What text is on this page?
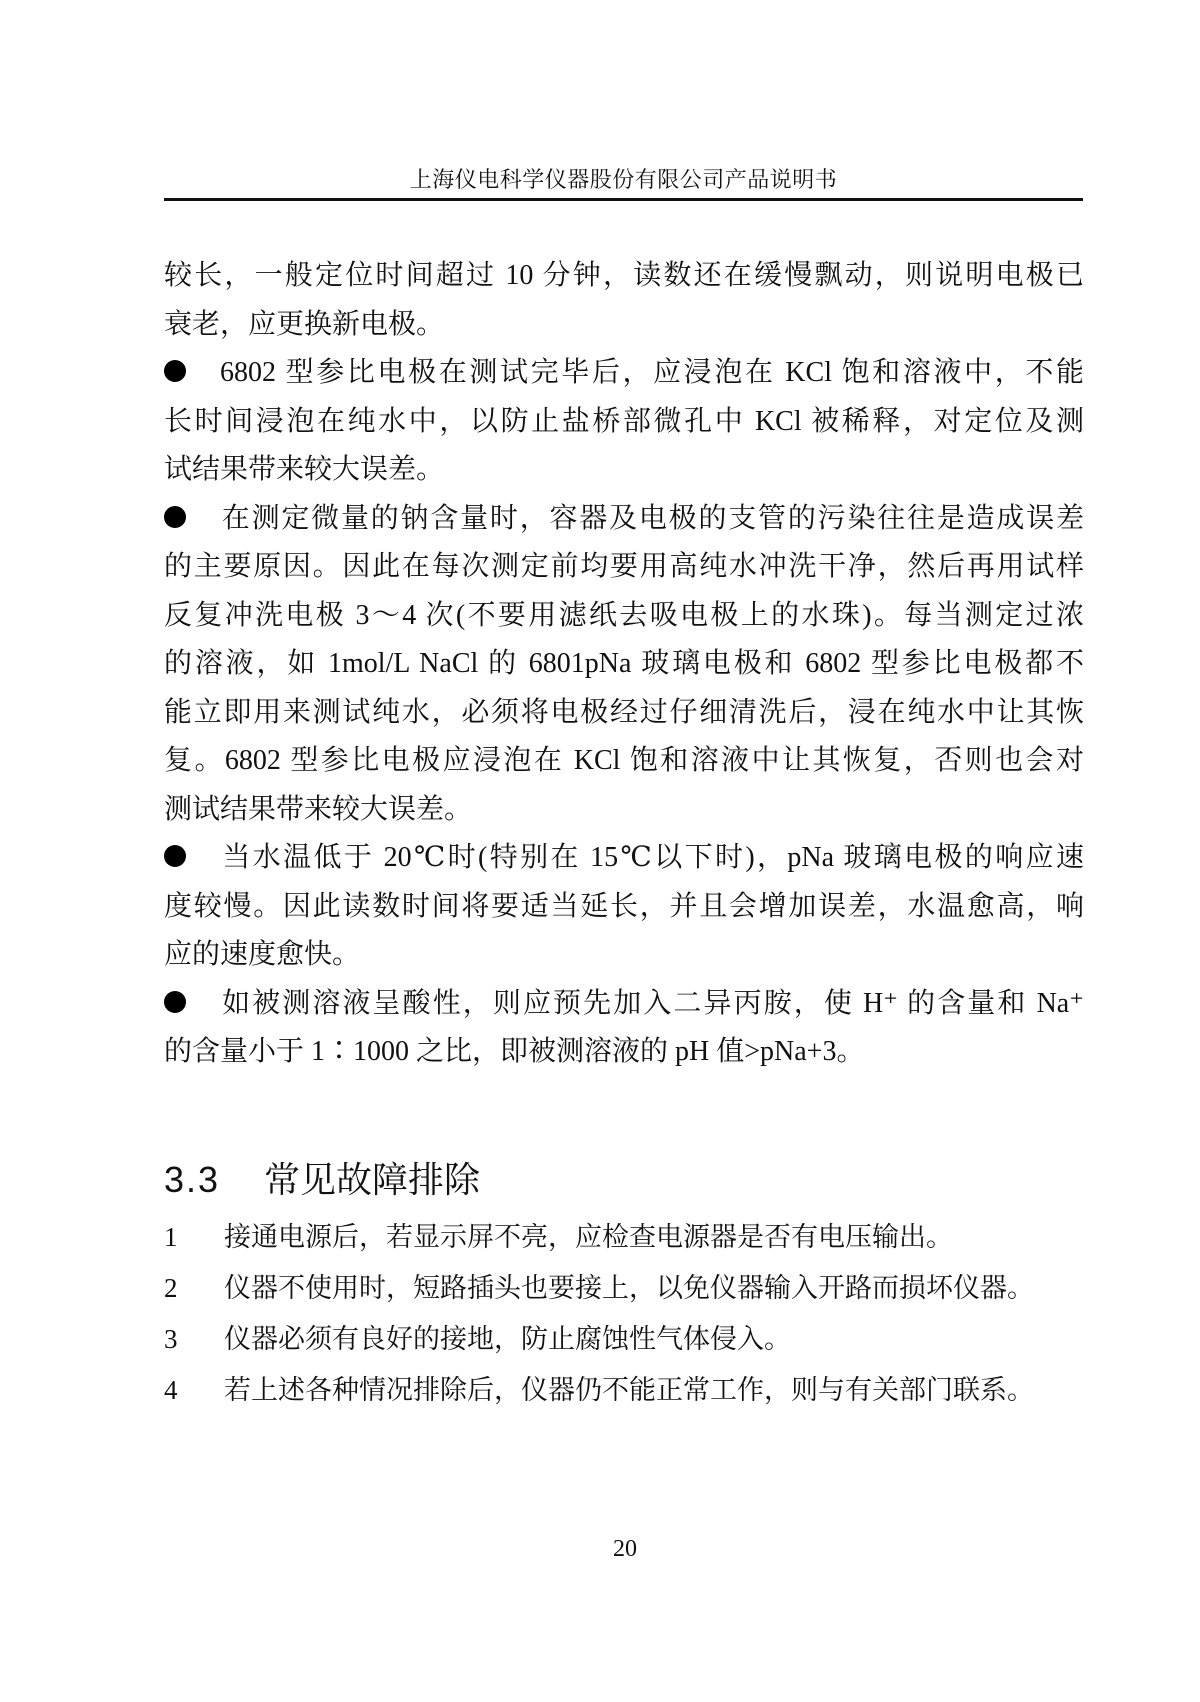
上海仪电科学仪器股份有限公司产品说明书
较长，一般定位时间超过 10 分钟，读数还在缓慢飘动，则说明电极已
衰老，应更换新电极。
6802 型参比电极在测试完毕后，应浸泡在 KCl 饱和溶液中，不能
长时间浸泡在纯水中，以防止盐桥部微孔中 KCl 被稀释，对定位及测
试结果带来较大误差。
在测定微量的钠含量时，容器及电极的支管的污染往往是造成误差
的主要原因。因此在每次测定前均要用高纯水冲洗干净，然后再用试样
反复冲洗电极 3～4 次(不要用滤纸去吸电极上的水珠)。每当测定过浓
的溶液，如 1mol/L NaCl 的 6801pNa 玻璃电极和 6802 型参比电极都不
能立即用来测试纯水，必须将电极经过仔细清洗后，浸在纯水中让其恢
复。6802 型参比电极应浸泡在 KCl 饱和溶液中让其恢复，否则也会对
测试结果带来较大误差。
当水温低于 20℃时(特别在 15℃以下时)，pNa 玻璃电极的响应速
度较慢。因此读数时间将要适当延长，并且会增加误差，水温愈高，响
应的速度愈快。
如被测溶液呈酸性，则应预先加入二异丙胺，使 H⁺ 的含量和 Na⁺
的含量小于 1∶1000 之比，即被测溶液的 pH 值>pNa+3。
3.3 常见故障排除
1 接通电源后，若显示屏不亮，应检查电源器是否有电压输出。
2 仪器不使用时，短路插头也要接上，以免仪器输入开路而损坏仪器。
3 仪器必须有良好的接地，防止腐蚀性气体侵入。
4 若上述各种情况排除后，仪器仍不能正常工作，则与有关部门联系。
20
